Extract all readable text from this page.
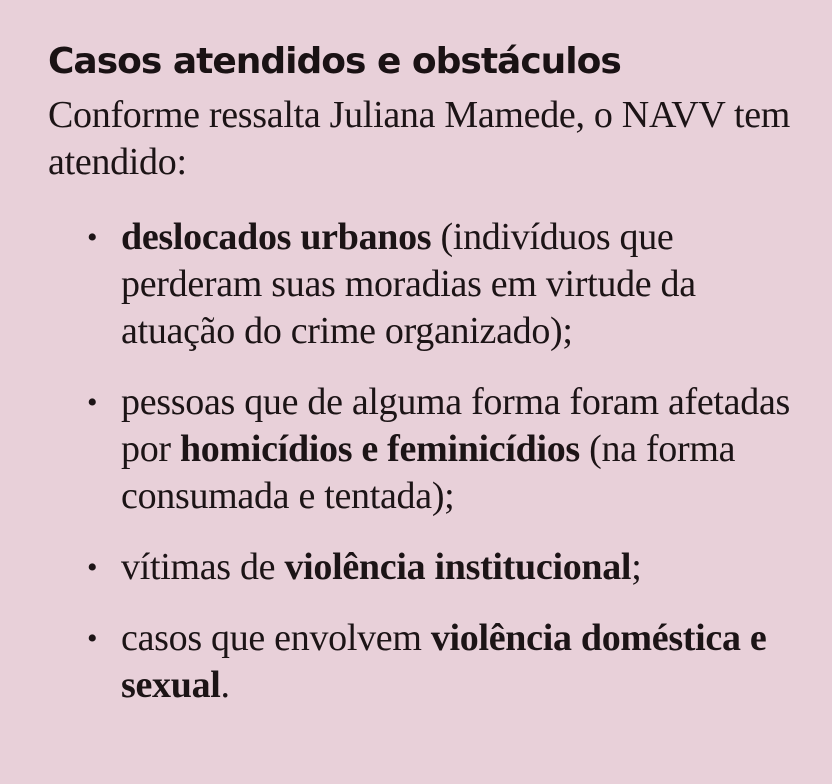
Casos atendidos e obstáculos

Conforme ressalta Juliana Mamede, o NAVV tem atendido:

• deslocados urbanos (indivíduos que perderam suas moradias em virtude da atuação do crime organizado);
• pessoas que de alguma forma foram afetadas por homicídios e feminicídios (na forma consumada e tentada);
• vítimas de violência institucional;
• casos que envolvem violência doméstica e sexual.
